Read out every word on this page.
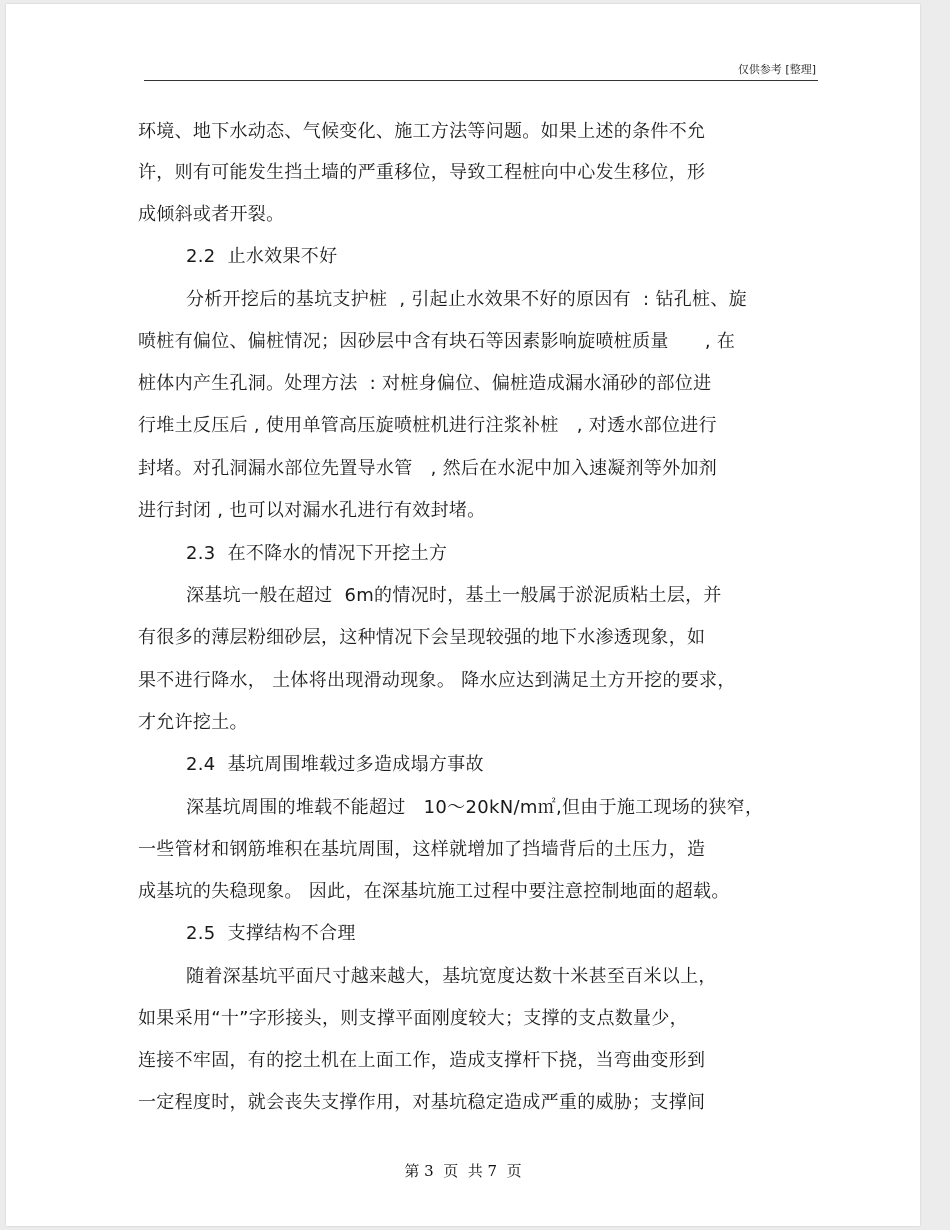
仅供参考 [整理]
环境、地下水动态、气候变化、施工方法等问题。如果上述的条件不允
许，则有可能发生挡土墙的严重移位，导致工程桩向中心发生移位，形
成倾斜或者开裂。
2.2  止水效果不好
分析开挖后的基坑支护桩  , 引起止水效果不好的原因有  : 钻孔桩、旋
喷桩有偏位、偏桩情况；因砂层中含有块石等因素影响旋喷桩质量      , 在
桩体内产生孔洞。处理方法  : 对桩身偏位、偏桩造成漏水涌砂的部位进
行堆土反压后 , 使用单管高压旋喷桩机进行注浆补桩   , 对透水部位进行
封堵。对孔洞漏水部位先置导水管   , 然后在水泥中加入速凝剂等外加剂
进行封闭 , 也可以对漏水孔进行有效封堵。
2.3  在不降水的情况下开挖土方
深基坑一般在超过  6m的情况时，基土一般属于淤泥质粘土层，并
有很多的薄层粉细砂层，这种情况下会呈现较强的地下水渗透现象，如
果不进行降水， 土体将出现滑动现象。 降水应达到满足土方开挖的要求，
才允许挖土。
2.4  基坑周围堆载过多造成塌方事故
深基坑周围的堆载不能超过   10～20kN/m㎡,但由于施工现场的狭窄，
一些管材和钢筋堆积在基坑周围，这样就增加了挡墙背后的土压力，造
成基坑的失稳现象。 因此，在深基坑施工过程中要注意控制地面的超载。
2.5  支撑结构不合理
随着深基坑平面尺寸越来越大，基坑宽度达数十米甚至百米以上，
如果采用“十”字形接头，则支撑平面刚度较大；支撑的支点数量少，
连接不牢固，有的挖土机在上面工作，造成支撑杆下挠，当弯曲变形到
一定程度时，就会丧失支撑作用，对基坑稳定造成严重的威胁；支撑间
第 3  页  共 7  页
